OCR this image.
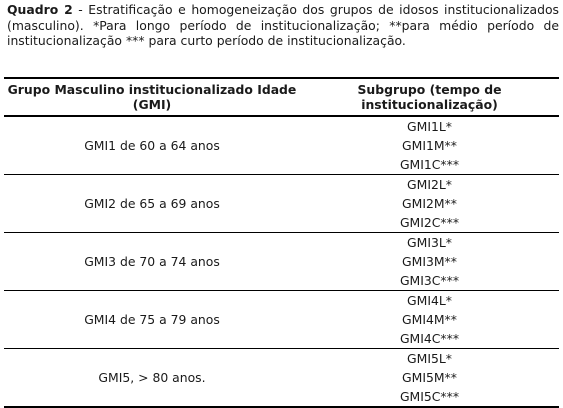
Quadro 2 - Estratificação e homogeneização dos grupos de idosos institucionalizados (masculino). *Para longo período de institucionalização; **para médio período de institucionalização *** para curto período de institucionalização.
Grupo Masculino institucionalizado Idade (GMI)	Subgrupo (tempo de institucionalização)
GMI1 de 60 a 64 anos	GMI1L*
GMI1M**
GMI1C***

GMI2 de 65 a 69 anos	GMI2L*
GMI2M**
GMI2C***

GMI3 de 70 a 74 anos	GMI3L*
GMI3M**
GMI3C***

GMI4 de 75 a 79 anos	GMI4L*
GMI4M**
GMI4C***

GMI5, > 80 anos.	GMI5L*
GMI5M**
GMI5C***
